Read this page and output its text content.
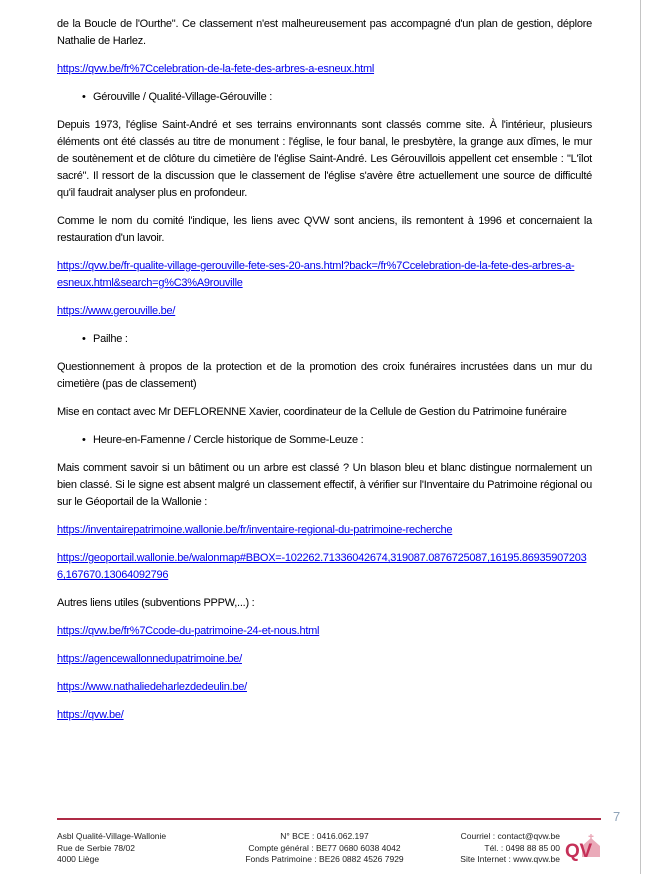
de la Boucle de l'Ourthe". Ce classement n'est malheureusement pas accompagné d'un plan de gestion, déplore Nathalie de Harlez.

https://qvw.be/fr%7Ccelebration-de-la-fete-des-arbres-a-esneux.html
• Gérouville / Qualité-Village-Gérouville :

Depuis 1973, l'église Saint-André et ses terrains environnants sont classés comme site. À l'intérieur, plusieurs éléments ont été classés au titre de monument : l'église, le four banal, le presbytère, la grange aux dîmes, le mur de soutènement et de clôture du cimetière de l'église Saint-André. Les Gérouvillois appellent cet ensemble : "L'îlot sacré". Il ressort de la discussion que le classement de l'église s'avère être actuellement une source de difficulté qu'il faudrait analyser plus en profondeur.

Comme le nom du comité l'indique, les liens avec QVW sont anciens, ils remontent à 1996 et concernaient la restauration d'un lavoir.

https://qvw.be/fr-qualite-village-gerouville-fete-ses-20-ans.html?back=/fr%7Ccelebration-de-la-fete-des-arbres-a-esneux.html&search=g%C3%A9rouville
https://www.gerouville.be/
• Pailhe :

Questionnement à propos de la protection et de la promotion des croix funéraires incrustées dans un mur du cimetière (pas de classement)

Mise en contact avec Mr DEFLORENNE Xavier, coordinateur de la Cellule de Gestion du Patrimoine funéraire

• Heure-en-Famenne / Cercle historique de Somme-Leuze :

Mais comment savoir si un bâtiment ou un arbre est classé ? Un blason bleu et blanc distingue normalement un bien classé. Si le signe est absent malgré un classement effectif, à vérifier sur l'Inventaire du Patrimoine régional ou sur le Géoportail de la Wallonie :

https://inventairepatrimoine.wallonie.be/fr/inventaire-regional-du-patrimoine-recherche
https://geoportail.wallonie.be/walonmap#BBOX=-102262.71336042674,319087.0876725087,16195.869359072036,167670.13064092796

Autres liens utiles (subventions PPPW,...) :

https://qvw.be/fr%7Ccode-du-patrimoine-24-et-nous.html
https://agencewallonnedupatrimoine.be/
https://www.nathaliedeharlezdedeulin.be/
https://qvw.be/
7
Asbl Qualité-Village-Wallonie
Rue de Serbie 78/02
4000 Liège
N° BCE : 0416.062.197
Compte général : BE77 0680 6038 4042
Fonds Patrimoine : BE26 0882 4526 7929
Courriel : contact@qvw.be
Tél. : 0498 88 85 00
Site Internet : www.qvw.be QV
